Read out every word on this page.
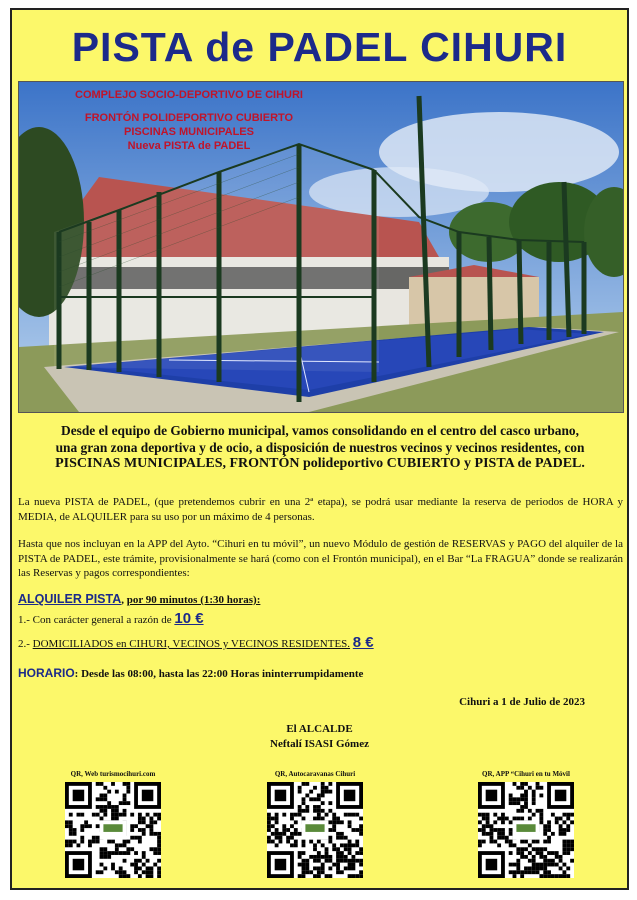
PISTA de PADEL CIHURI
COMPLEJO SOCIO-DEPORTIVO DE CIHURI
FRONTÓN POLIDEPORTIVO CUBIERTO
PISCINAS MUNICIPALES
Nueva PISTA de PADEL
Desde el equipo de Gobierno municipal, vamos consolidando en el centro del casco urbano,
una gran zona deportiva y de ocio, a disposición de nuestros vecinos y vecinos residentes, con
PISCINAS MUNICIPALES, FRONTÓN polideportivo CUBIERTO y PISTA de PADEL.
La nueva PISTA de PADEL, (que pretendemos cubrir en una 2ª etapa), se podrá usar mediante la reserva de periodos de HORA y MEDIA, de ALQUILER para su uso por un máximo de 4 personas.
Hasta que nos incluyan en la APP del Ayto. “Cihuri en tu móvil”, un nuevo Módulo de gestión de RESERVAS y PAGO del alquiler de la PISTA de PADEL, este trámite, provisionalmente se hará (como con el Frontón municipal), en el Bar “La FRAGUA” donde se realizarán las Reservas y pagos correspondientes:
ALQUILER PISTA, por 90 minutos (1:30 horas):
1.- Con carácter general a razón de 10 €
2.- DOMICILIADOS en CIHURI, VECINOS y VECINOS RESIDENTES. 8 €
HORARIO: Desde las 08:00, hasta las 22:00 Horas ininterrumpidamente
Cihuri a 1 de Julio de 2023
El ALCALDE
Neftalí ISASI Gómez
QR, Web turismocihuri.com	QR, Autocaravanas Cihuri	QR, APP “Cihuri en tu Móvil
